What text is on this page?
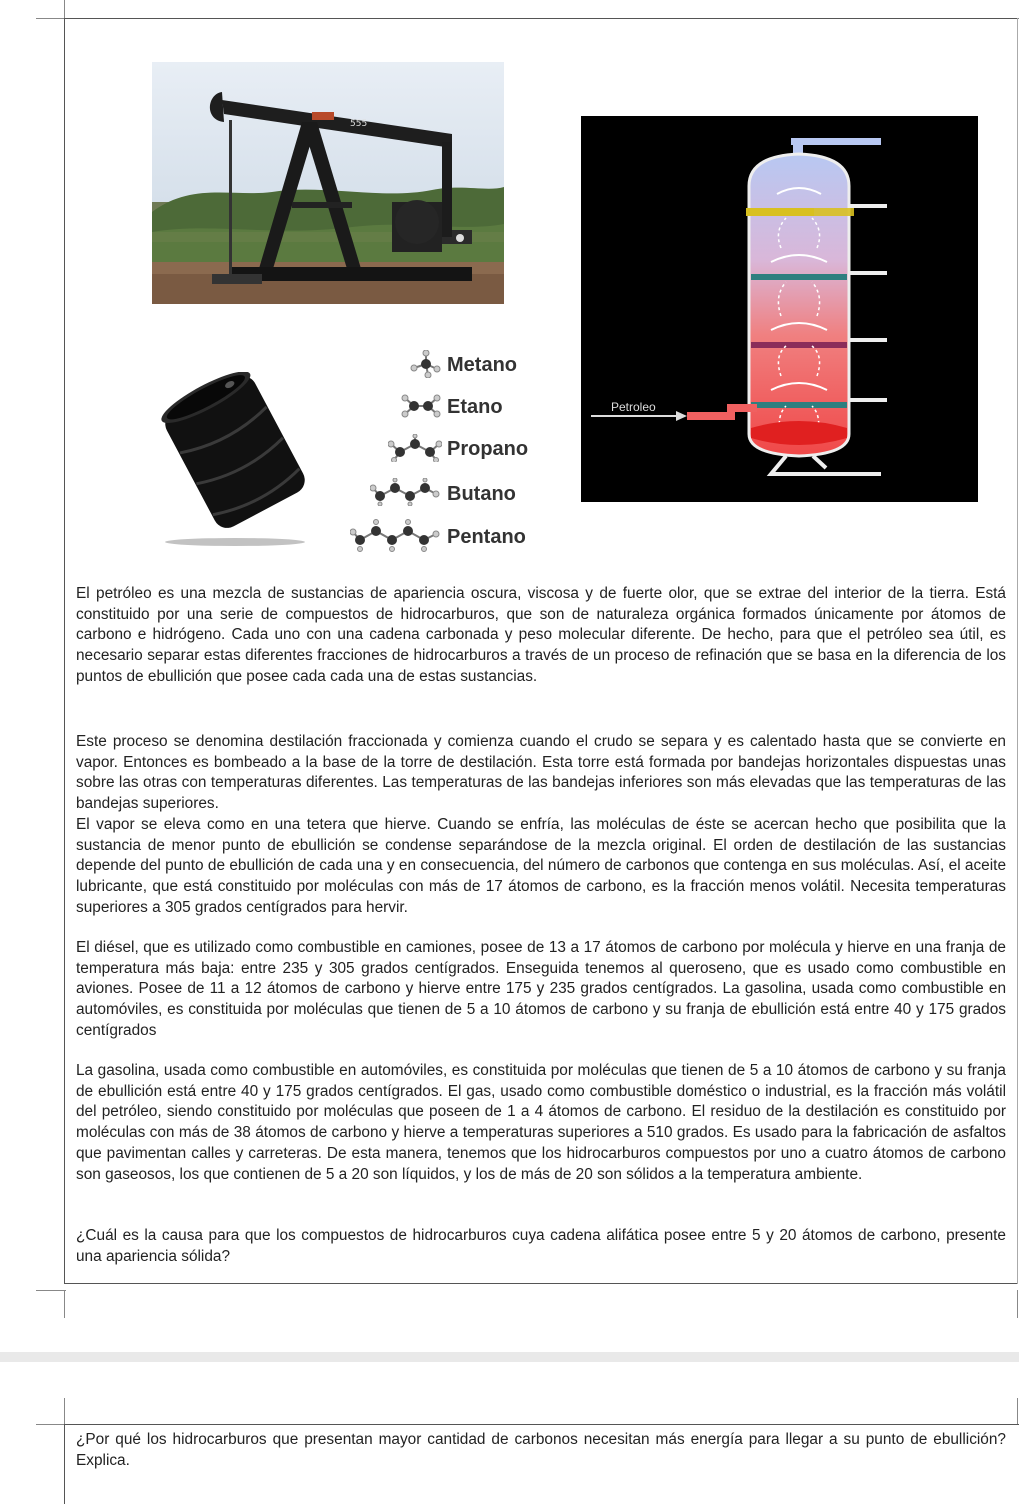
555
Metano
Etano
Propano
Butano
Pentano
Petroleo

El petróleo es una mezcla de sustancias de apariencia oscura, viscosa y de fuerte olor, que se extrae del interior de la tierra. Está constituido por una serie de compuestos de hidrocarburos, que son de naturaleza orgánica formados únicamente por átomos de carbono e hidrógeno. Cada uno con una cadena carbonada y peso molecular diferente. De hecho, para que el petróleo sea útil, es necesario separar estas diferentes fracciones de hidrocarburos a través de un proceso de refinación que se basa en la diferencia de los puntos de ebullición que posee cada cada una de estas sustancias.

Este proceso se denomina destilación fraccionada y comienza cuando el crudo se separa y es calentado hasta que se convierte en vapor. Entonces es bombeado a la base de la torre de destilación. Esta torre está formada por bandejas horizontales dispuestas unas sobre las otras con temperaturas diferentes. Las temperaturas de las bandejas inferiores son más elevadas que las temperaturas de las bandejas superiores.

El vapor se eleva como en una tetera que hierve. Cuando se enfría, las moléculas de éste se acercan hecho que posibilita que la sustancia de menor punto de ebullición se condense separándose de la mezcla original. El orden de destilación de las sustancias depende del punto de ebullición de cada una y en consecuencia, del número de carbonos que contenga en sus moléculas. Así, el aceite lubricante, que está constituido por moléculas con más de 17 átomos de carbono, es la fracción menos volátil. Necesita temperaturas superiores a 305 grados centígrados para hervir.

El diésel, que es utilizado como combustible en camiones, posee de 13 a 17 átomos de carbono por molécula y hierve en una franja de temperatura más baja: entre 235 y 305 grados centígrados. Enseguida tenemos al queroseno, que es usado como combustible en aviones. Posee de 11 a 12 átomos de carbono y hierve entre 175 y 235 grados centígrados. La gasolina, usada como combustible en automóviles, es constituida por moléculas que tienen de 5 a 10 átomos de carbono y su franja de ebullición está entre 40 y 175 grados centígrados

La gasolina, usada como combustible en automóviles, es constituida por moléculas que tienen de 5 a 10 átomos de carbono y su franja de ebullición está entre 40 y 175 grados centígrados. El gas, usado como combustible doméstico o industrial, es la fracción más volátil del petróleo, siendo constituido por moléculas que poseen de 1 a 4 átomos de carbono. El residuo de la destilación es constituido por moléculas con más de 38 átomos de carbono y hierve a temperaturas superiores a 510 grados. Es usado para la fabricación de asfaltos que pavimentan calles y carreteras. De esta manera, tenemos que los hidrocarburos compuestos por uno a cuatro átomos de carbono son gaseosos, los que contienen de 5 a 20 son líquidos, y los de más de 20 son sólidos a la temperatura ambiente.

¿Cuál es la causa para que los compuestos de hidrocarburos cuya cadena alifática posee entre 5 y 20 átomos de carbono, presente una apariencia sólida?

¿Por qué los hidrocarburos que presentan mayor cantidad de carbonos necesitan más energía para llegar a su punto de ebullición? Explica.
